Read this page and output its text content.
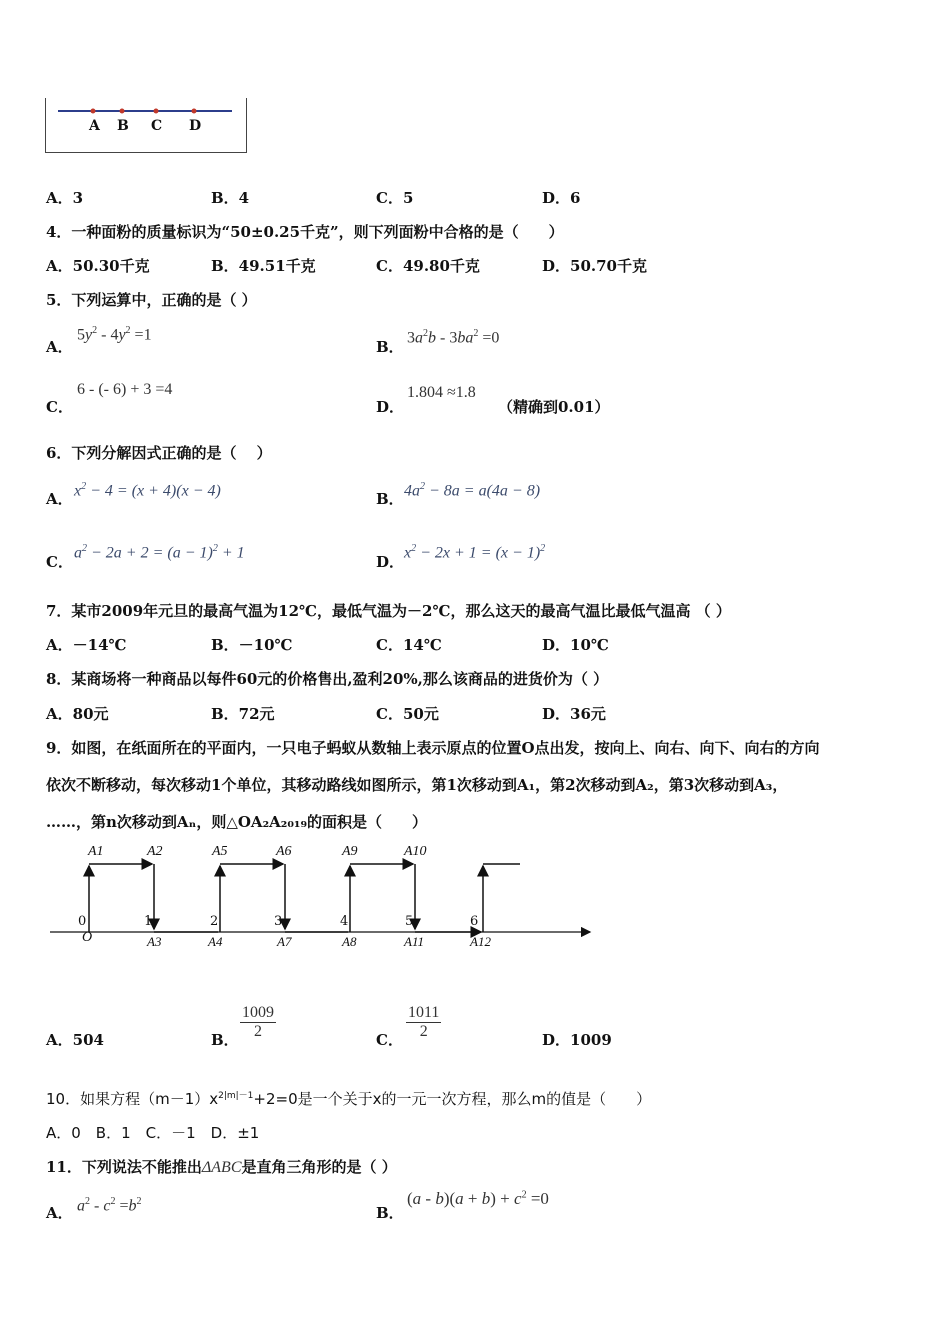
A B C D
A．3	B．4	C．5	D．6
4．一种面粉的质量标识为“50±0.25千克”，则下列面粉中合格的是（　　）
A．50.30千克	B．49.51千克	C．49.80千克	D．50.70千克
5．下列运算中，正确的是（ ）
A．
$5y^2 - 4y^2 =1$
B．
$3a^2b - 3ba^2 =0$
C．
6 - (- 6) + 3 =4
D．
1.804 ≈1.8
（精确到0.01）
6．下列分解因式正确的是（　 ）
A． $x^2 - 4 = (x + 4)(x - 4)$	B． $4a^2 - 8a = a(4a - 8)$
C．
$a^2 - 2a + 2 = (a - 1)^2 + 1$
D．
$x^2 - 2x + 1 = (x - 1)^2$
7．某市2009年元旦的最高气温为12℃，最低气温为－2℃，那么这天的最高气温比最低气温高 （ ）
A．－14℃	B．－10℃	C．14℃	D．10℃
8．某商场将一种商品以每件60元的价格售出,盈利20%,那么该商品的进货价为（ ）
A．80元	B．72元	C．50元	D．36元
9．如图，在纸面所在的平面内，一只电子蚂蚁从数轴上表示原点的位置O点出发，按向上、向右、向下、向右的方向
依次不断移动，每次移动1个单位，其移动路线如图所示，第1次移动到A₁，第2次移动到A₂，第3次移动到A₃，
……，第n次移动到Aₙ，则△OA₂A₂₀₁₉的面积是（　　）
A1	A2	A5	A6	A9	A10
A3	A4	A7	A8	A11	A12
0	1	2	3	4	5	6
O
A．504	B． $\frac{1009}{2}$	C． $\frac{1011}{2}$	D．1009
10．如果方程$(m-1)x^{2|m|-1}+2=0$是一个关于x的一元一次方程，那么m的值是（　　）
A．0　B．1　C．－1　D．±1
11．下列说法不能推出ΔABC是直角三角形的是（ ）
A． $a^2 - c^2 =b^2$
B．
$(a - b)(a + b) + c^2 =0$
